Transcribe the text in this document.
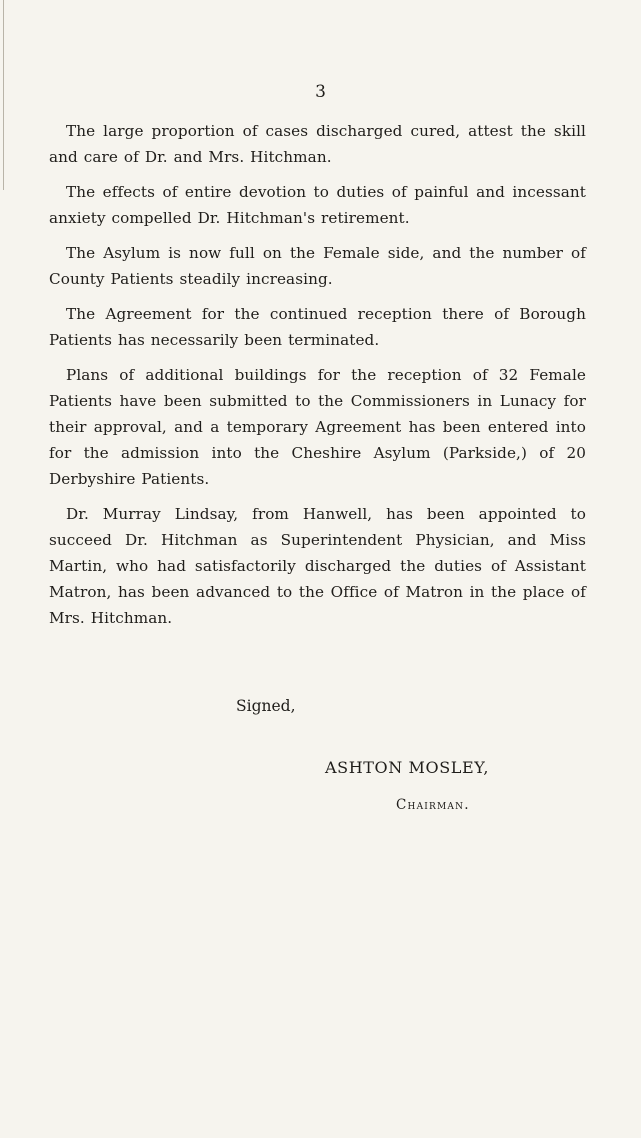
3

The large proportion of cases discharged cured, attest the skill and care of Dr. and Mrs. Hitchman.

The effects of entire devotion to duties of painful and incessant anxiety compelled Dr. Hitchman's retirement.

The Asylum is now full on the Female side, and the number of County Patients steadily increasing.

The Agreement for the continued reception there of Borough Patients has necessarily been terminated.

Plans of additional buildings for the reception of 32 Female Patients have been submitted to the Commissioners in Lunacy for their approval, and a temporary Agreement has been entered into for the admission into the Cheshire Asylum (Parkside,) of 20 Derbyshire Patients.

Dr. Murray Lindsay, from Hanwell, has been appointed to succeed Dr. Hitchman as Superintendent Physician, and Miss Martin, who had satisfactorily discharged the duties of Assistant Matron, has been advanced to the Office of Matron in the place of Mrs. Hitchman.

Signed,
ASHTON MOSLEY,
Chairman.
